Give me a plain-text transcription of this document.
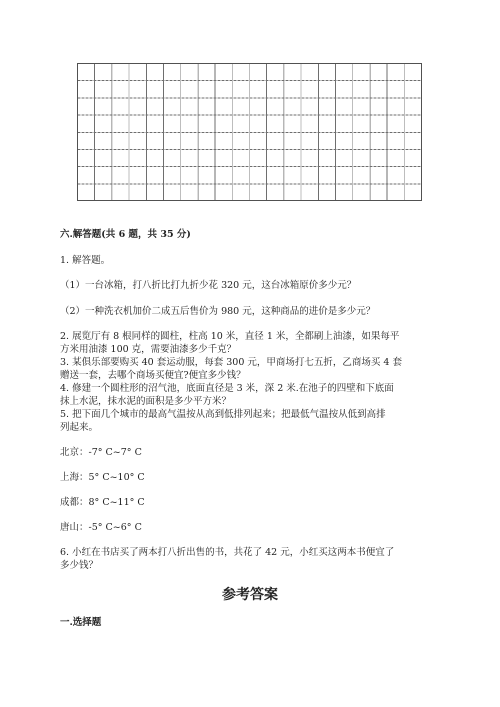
六.解答题(共 6 题，共 35 分)
1. 解答题。
（1）一台冰箱，打八折比打九折少花 320 元，这台冰箱原价多少元？
（2）一种洗衣机加价二成五后售价为 980 元，这种商品的进价是多少元？
2. 展览厅有 8 根同样的圆柱，柱高 10 米，直径 1 米，全都刷上油漆，如果每平
方米用油漆 100 克，需要油漆多少千克？
3. 某俱乐部要购买 40 套运动服，每套 300 元，甲商场打七五折，乙商场买 4 套
赠送一套，去哪个商场买便宜?便宜多少钱？
4. 修建一个圆柱形的沼气池，底面直径是 3 米，深 2 米.在池子的四壁和下底面
抹上水泥，抹水泥的面积是多少平方米？
5. 把下面几个城市的最高气温按从高到低排列起来；把最低气温按从低到高排
列起来。
北京：-7° C~7° C
上海：5° C~10° C
成都：8° C~11° C
唐山：-5° C~6° C
6. 小红在书店买了两本打八折出售的书，共花了 42 元，小红买这两本书便宜了
多少钱？
参考答案
一.选择题
